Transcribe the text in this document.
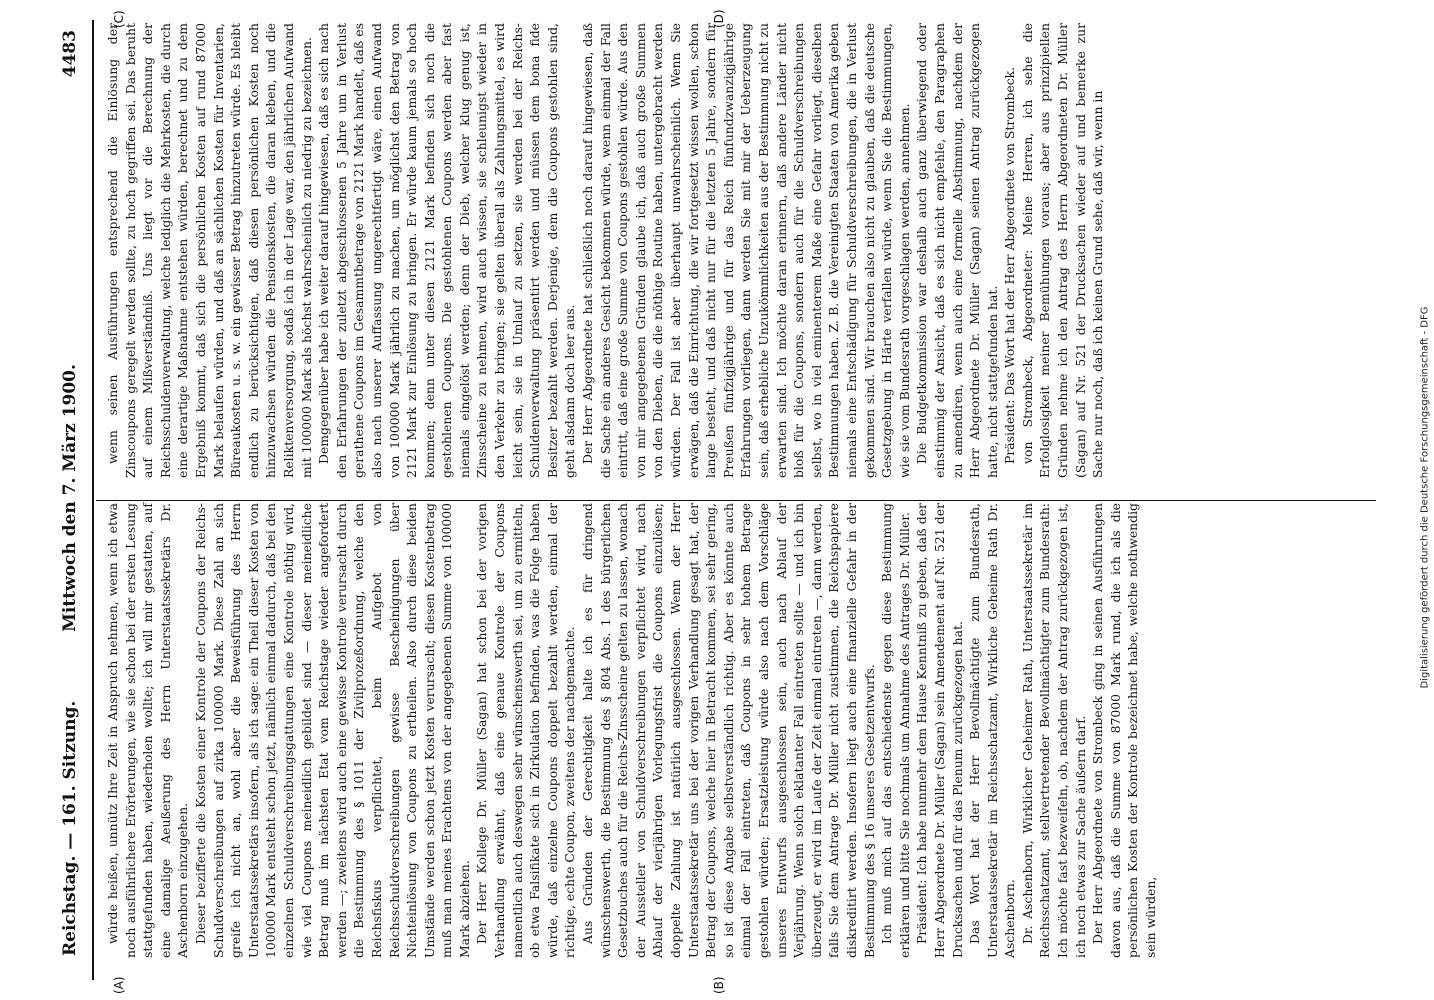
Reichstag. — 161. Sitzung.
Mittwoch den 7. März 1900.
4483
(A)	(B)
(C)	(D)

würde heißen, unnütz Ihre Zeit in Anspruch nehmen, wenn ich etwa noch ausführlichere Erörterungen, wie sie schon bei der ersten Lesung stattgefunden haben, wiederholen wollte; ich will mir gestatten, auf eine damalige Aeußerung des Herrn Unterstaatssekretärs Dr. Aschenborn einzugehen. Dieser bezifferte die Kosten einer Kontrole der Coupons der Reichs-Schuldverschreibungen auf zirka 100000 Mark. Diese Zahl an sich greife ich nicht an, wohl aber die Beweisführung des Herrn Unterstaatssekretärs insofern, als ich sage: ein Theil dieser Kosten von 100000 Mark entsteht schon jetzt, nämlich einmal dadurch, daß bei den einzelnen Schuldverschreibungsgattungen eine Kontrole nöthig wird, wie viel Coupons meineidlich gebildet sind — dieser meineidliche Betrag muß im nächsten Etat vom Reichstage wieder angefordert werden —; zweitens wird auch eine gewisse Kontrole verursacht durch die Bestimmung des § 1011 der Zivilprozeßordnung, welche den Reichsfiskus verpflichtet, beim Aufgebot von Reichsschuldverschreibungen gewisse Bescheinigungen über Nichteinlösung von Coupons zu ertheilen. Also durch diese beiden Umstände werden schon jetzt Kosten verursacht; diesen Kostenbetrag muß man meines Erachtens von der angegebenen Summe von 100000 Mark abziehen. Der Herr Kollege Dr. Müller (Sagan) hat schon bei der vorigen Verhandlung erwähnt, daß eine genaue Kontrole der Coupons namentlich auch deswegen sehr wünschenswerth sei, um zu ermitteln, ob etwa Falsifikate sich in Zirkulation befinden, was die Folge haben würde, daß einzelne Coupons doppelt bezahlt werden, einmal der richtige, echte Coupon, zweitens der nachgemachte. Aus Gründen der Gerechtigkeit halte ich es für dringend wünschenswerth, die Bestimmung des § 804 Abs. 1 des bürgerlichen Gesetzbuches auch für die Reichs-Zinsscheine gelten zu lassen, wonach der Aussteller von Schuldverschreibungen verpflichtet wird, nach Ablauf der vierjährigen Vorlegungsfrist die Coupons einzulösen; doppelte Zahlung ist natürlich ausgeschlossen. Wenn der Herr Unterstaatssekretär uns bei der vorigen Verhandlung gesagt hat, der Betrag der Coupons, welche hier in Betracht kommen, sei sehr gering, so ist diese Angabe selbstverständlich richtig. Aber es könnte auch einmal der Fall eintreten, daß Coupons in sehr hohem Betrage gestohlen würden; Ersatzleistung würde also nach dem Vorschläge unseres Entwurfs ausgeschlossen sein, auch nach Ablauf der Verjährung. Wenn solch eklatanter Fall eintreten sollte — und ich bin überzeugt, er wird im Laufe der Zeit einmal eintreten —, dann werden, falls Sie dem Antrage Dr. Müller nicht zustimmen, die Reichspapiere diskreditirt werden. Insofern liegt auch eine finanzielle Gefahr in der Bestimmung des § 16 unseres Gesetzentwurfs. Ich muß mich auf das entschiedenste gegen diese Bestimmung erklären und bitte Sie nochmals um Annahme des Antrages Dr. Müller. Präsident: Ich habe nunmehr dem Hause Kenntniß zu geben, daß der Herr Abgeordnete Dr. Müller (Sagan) sein Amendement auf Nr. 521 der Drucksachen und für das Plenum zurückgezogen hat. Das Wort hat der Herr Bevollmächtigte zum Bundesrath, Unterstaatssekretär im Reichsschatzamt, Wirkliche Geheime Rath Dr. Aschenborn. Dr. Aschenborn, Wirklicher Geheimer Rath, Unterstaatssekretär im Reichsschatzamt, stellvertretender Bevollmächtigter zum Bundesrath: Ich möchte fast bezweifeln, ob, nachdem der Antrag zurückgezogen ist, ich noch etwas zur Sache äußern darf. Der Herr Abgeordnete von Strombeck ging in seinen Ausführungen davon aus, daß die Summe von 87000 Mark rund, die ich als die persönlichen Kosten der Kontrole bezeichnet habe, welche nothwendig sein würden,

wenn seinen Ausführungen entsprechend die Einlösung der Zinscoupons geregelt werden sollte, zu hoch gegriffen sei. Das beruht auf einem Mißverständniß. Uns liegt vor die Berechnung der Reichsschuldenverwaltung, welche lediglich die Mehrkosten, die durch eine derartige Maßnahme entstehen würden, berechnet und zu dem Ergebniß kommt, daß sich die persönlichen Kosten auf rund 87000 Mark belaufen würden, und daß an sächlichen Kosten für Inventarien, Büreaukosten u. s. w. ein gewisser Betrag hinzutreten würde. Es bleibt endlich zu berücksichtigen, daß diesen persönlichen Kosten noch hinzuwachsen würden die Pensionskosten, die daran kleben, und die Reliktenversorgung, sodaß ich in der Lage war, den jährlichen Aufwand mit 100000 Mark als höchst wahrscheinlich zu niedrig zu bezeichnen. Demgegenüber habe ich weiter darauf hingewiesen, daß es sich nach den Erfahrungen der zuletzt abgeschlossenen 5 Jahre um in Verlust gerathene Coupons im Gesammtbetrage von 2121 Mark handelt, daß es also nach unserer Auffassung ungerechtfertigt wäre, einen Aufwand von 100000 Mark jährlich zu machen, um möglichst den Betrag von 2121 Mark zur Einlösung zu bringen. Er würde kaum jemals so hoch kommen; denn unter diesen 2121 Mark befinden sich noch die gestohlenen Coupons. Die gestohlenen Coupons werden aber fast niemals eingelöst werden; denn der Dieb, welcher klug genug ist, Zinsscheine zu nehmen, wird auch wissen, sie schleunigst wieder in den Verkehr zu bringen; sie gelten überall als Zahlungsmittel, es wird leicht sein, sie in Umlauf zu setzen, sie werden bei der Reichs-Schuldenverwaltung präsentirt werden und müssen dem bona fide Besitzer bezahlt werden. Derjenige, dem die Coupons gestohlen sind, geht alsdann doch leer aus. Der Herr Abgeordnete hat schließlich noch darauf hingewiesen, daß die Sache ein anderes Gesicht bekommen würde, wenn einmal der Fall eintritt, daß eine große Summe von Coupons gestohlen würde. Aus den von mir angegebenen Gründen glaube ich, daß auch große Summen von den Dieben, die die nöthige Routine haben, untergebracht werden würden. Der Fall ist aber überhaupt unwahrscheinlich. Wenn Sie erwägen, daß die Einrichtung, die wir fortgesetzt wissen wollen, schon lange besteht, und daß nicht nur für die letzten 5 Jahre, sondern für Preußen fünfzigjährige und für das Reich fünfundzwanzigjährige Erfahrungen vorliegen, dann werden Sie mit mir der Ueberzeugung sein, daß erhebliche Unzukömmlichkeiten aus der Bestimmung nicht zu erwarten sind. Ich möchte daran erinnern, daß andere Länder nicht bloß für die Coupons, sondern auch für die Schuldverschreibungen selbst, wo in viel eminenterem Maße eine Gefahr vorliegt, dieselben Bestimmungen haben. Z. B. die Vereinigten Staaten von Amerika geben niemals eine Entschädigung für Schuldverschreibungen, die in Verlust gekommen sind. Wir brauchen also nicht zu glauben, daß die deutsche Gesetzgebung in Härte verfallen würde, wenn Sie die Bestimmungen, wie sie vom Bundesrath vorgeschlagen werden, annehmen. Die Budgetkommission war deshalb auch ganz überwiegend oder einstimmig der Ansicht, daß es sich nicht empfehle, den Paragraphen zu amendiren, wenn auch eine formelle Abstimmung, nachdem der Herr Abgeordnete Dr. Müller (Sagan) seinen Antrag zurückgezogen hatte, nicht stattgefunden hat. Präsident: Das Wort hat der Herr Abgeordnete von Strombeck. von Strombeck, Abgeordneter: Meine Herren, ich sehe die Erfolglosigkeit meiner Bemühungen voraus; aber aus prinzipiellen Gründen nehme ich den Antrag des Herrn Abgeordneten Dr. Müller (Sagan) auf Nr. 521 der Drucksachen wieder auf und bemerke zur Sache nur noch, daß ich keinen Grund sehe, daß wir, wenn in

Digitalisierung gefördert durch die Deutsche Forschungsgemeinschaft - DFG
